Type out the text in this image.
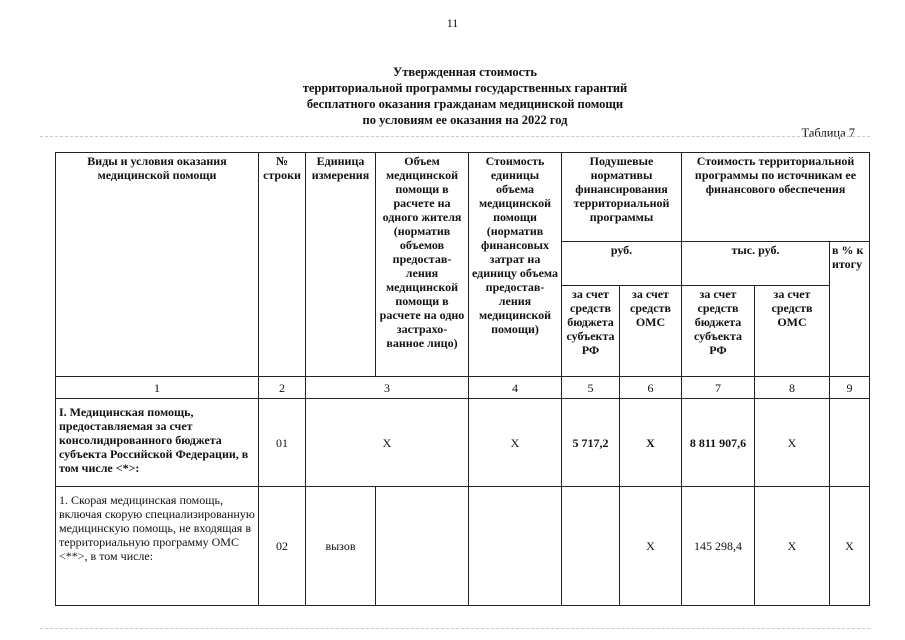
11
Утвержденная стоимость
территориальной программы государственных гарантий
бесплатного оказания гражданам медицинской помощи
по условиям ее оказания на 2022 год
Таблица 7
Виды и условия оказания медицинской помощи	№ строки	Единица измерения	Объем медицинской помощи в расчете на одного жителя (норматив объемов предостав-ления медицинской помощи в расчете на одно застрахо-ванное лицо)	Стоимость единицы объема медицинской помощи (норматив финансовых затрат на единицу объема предостав-ления медицинской помощи)	Подушевые нормативы финансирования территориальной программы		Стоимость территориальной программы по источникам ее финансового обеспечения		
					руб.		тыс. руб.		в % к итогу
					за счет средств бюджета субъекта РФ	за счет средств ОМС	за счет средств бюджета субъекта РФ	за счет средств ОМС	
1	2	3		4	5	6	7	8	9
I. Медицинская помощь, предоставляемая за счет консолидированного бюджета субъекта Российской Федерации, в том числе <*>:	01	Х		Х	5 717,2	Х	8 811 907,6	Х	
1. Скорая медицинская помощь, включая скорую специализированную медицинскую помощь, не входящая в территориальную программу ОМС <**>, в том числе:	02	вызов				Х	145 298,4	Х	Х
